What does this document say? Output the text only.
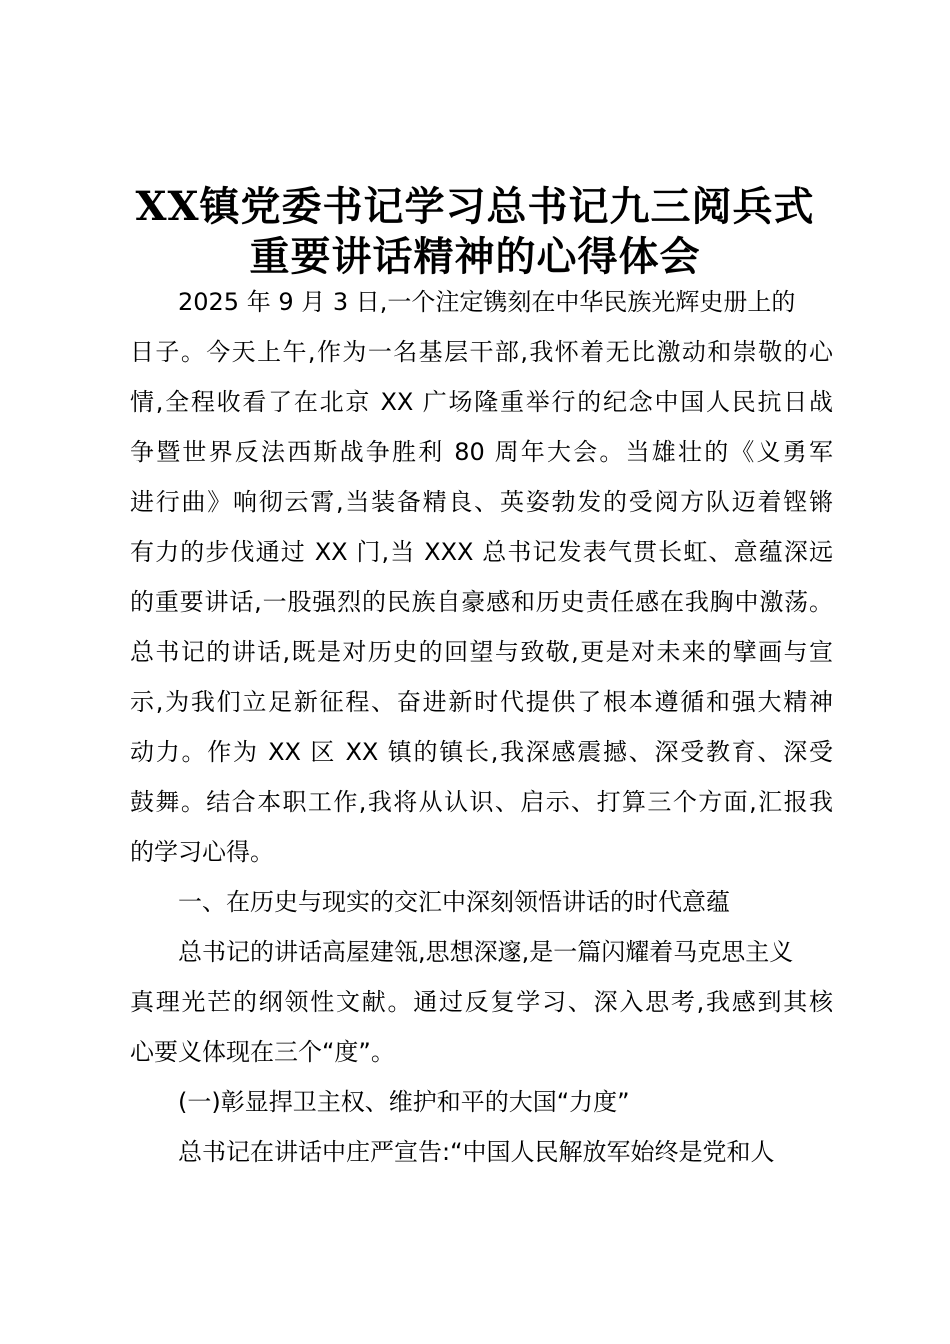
XX镇党委书记学习总书记九三阅兵式
重要讲话精神的心得体会
2025 年 9 月 3 日,一个注定镌刻在中华民族光辉史册上的
日子。今天上午,作为一名基层干部,我怀着无比激动和崇敬的心
情,全程收看了在北京 XX 广场隆重举行的纪念中国人民抗日战
争暨世界反法西斯战争胜利 80 周年大会。当雄壮的《义勇军
进行曲》响彻云霄,当装备精良、英姿勃发的受阅方队迈着铿锵
有力的步伐通过 XX 门,当 XXX 总书记发表气贯长虹、意蕴深远
的重要讲话,一股强烈的民族自豪感和历史责任感在我胸中激荡。
总书记的讲话,既是对历史的回望与致敬,更是对未来的擘画与宣
示,为我们立足新征程、奋进新时代提供了根本遵循和强大精神
动力。作为 XX 区 XX 镇的镇长,我深感震撼、深受教育、深受
鼓舞。结合本职工作,我将从认识、启示、打算三个方面,汇报我
的学习心得。
一、在历史与现实的交汇中深刻领悟讲话的时代意蕴
总书记的讲话高屋建瓴,思想深邃,是一篇闪耀着马克思主义
真理光芒的纲领性文献。通过反复学习、深入思考,我感到其核
心要义体现在三个“度”。
(一)彰显捍卫主权、维护和平的大国“力度”
总书记在讲话中庄严宣告:“中国人民解放军始终是党和人
